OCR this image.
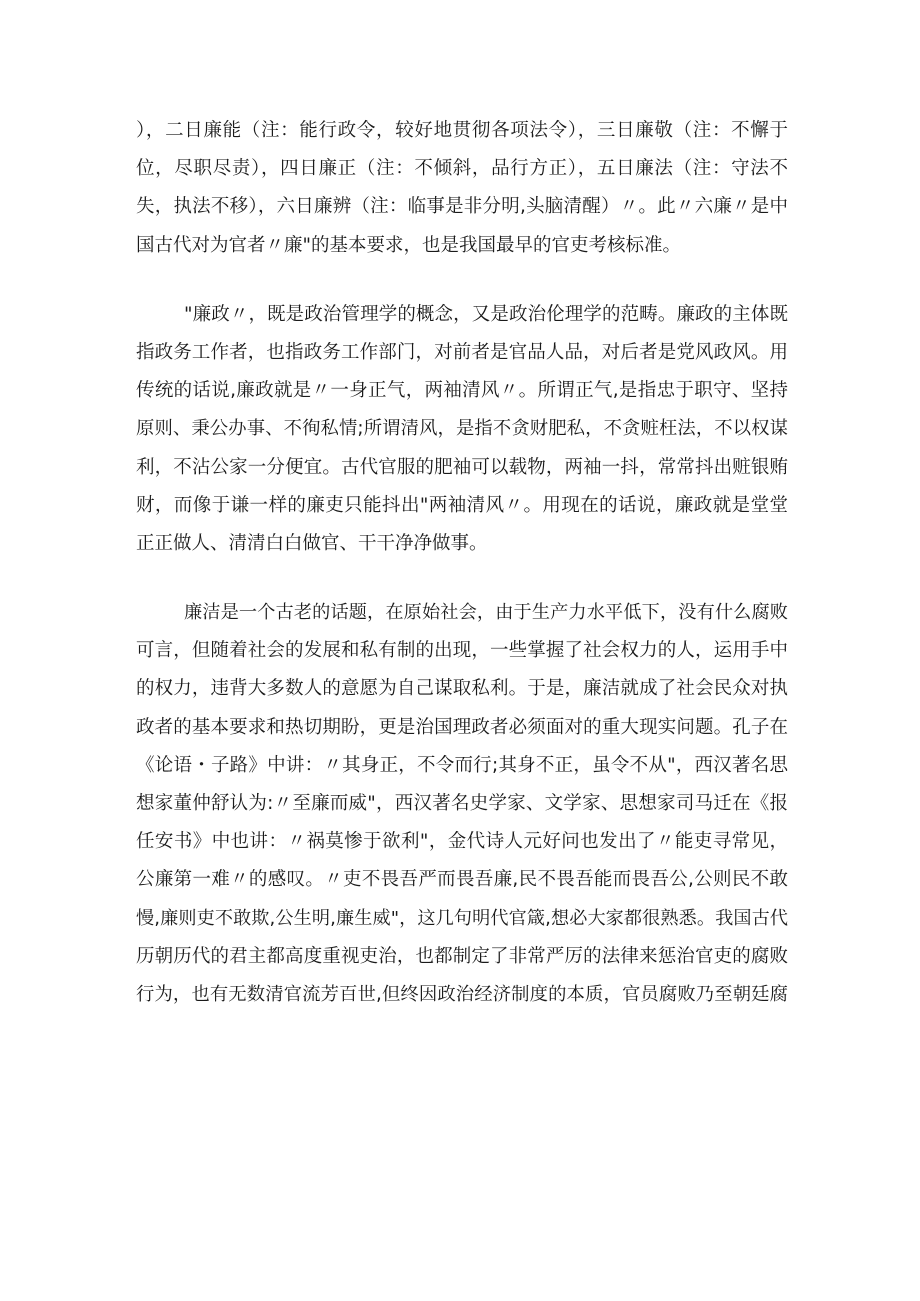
），二日廉能（注：能行政令，较好地贯彻各项法令），三日廉敬（注：不懈于
位，尽职尽责），四日廉正（注：不倾斜，品行方正），五日廉法（注：守法不
失，执法不移），六日廉辨（注：临事是非分明,头脑清醒）〃。此〃六廉〃是中
国古代对为官者〃廉"的基本要求，也是我国最早的官吏考核标准。
"廉政〃，既是政治管理学的概念，又是政治伦理学的范畴。廉政的主体既
指政务工作者，也指政务工作部门，对前者是官品人品，对后者是党风政风。用
传统的话说,廉政就是〃一身正气，两袖清风〃。所谓正气,是指忠于职守、坚持
原则、秉公办事、不徇私情;所谓清风，是指不贪财肥私，不贪赃枉法，不以权谋
利，不沾公家一分便宜。古代官服的肥袖可以载物，两袖一抖，常常抖出赃银贿
财，而像于谦一样的廉吏只能抖出"两袖清风〃。用现在的话说，廉政就是堂堂
正正做人、清清白白做官、干干净净做事。
廉洁是一个古老的话题，在原始社会，由于生产力水平低下，没有什么腐败
可言，但随着社会的发展和私有制的出现，一些掌握了社会权力的人，运用手中
的权力，违背大多数人的意愿为自己谋取私利。于是，廉洁就成了社会民众对执
政者的基本要求和热切期盼，更是治国理政者必须面对的重大现实问题。孔子在
《论语・子路》中讲：〃其身正，不令而行;其身不正，虽令不从"，西汉著名思
想家董仲舒认为:〃至廉而威"，西汉著名史学家、文学家、思想家司马迁在《报
任安书》中也讲：〃祸莫惨于欲利"，金代诗人元好问也发出了〃能吏寻常见，
公廉第一难〃的感叹。〃吏不畏吾严而畏吾廉,民不畏吾能而畏吾公,公则民不敢
慢,廉则吏不敢欺,公生明,廉生威"，这几句明代官箴,想必大家都很熟悉。我国古代
历朝历代的君主都高度重视吏治，也都制定了非常严厉的法律来惩治官吏的腐败
行为，也有无数清官流芳百世,但终因政治经济制度的本质，官员腐败乃至朝廷腐
